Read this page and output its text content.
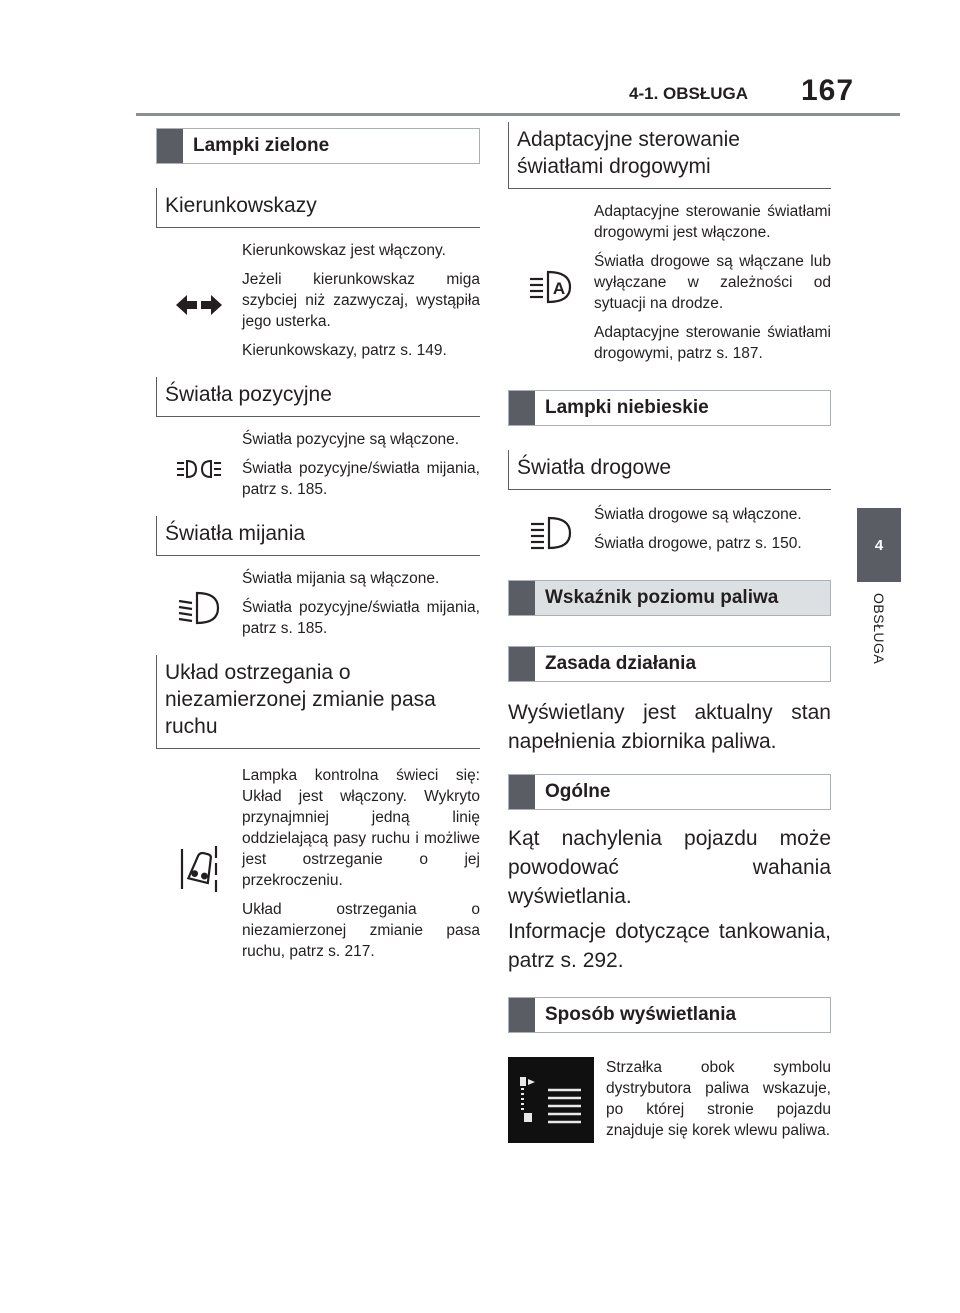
4-1. OBSŁUGA 167
4
OBSŁUGA
Lampki zielone
Kierunkowskazy

Kierunkowskaz jest włączony.

Jeżeli kierunkowskaz miga szybciej niż zazwyczaj, wystąpiła jego usterka.

Kierunkowskazy, patrz s. 149.

Światła pozycyjne

Światła pozycyjne są włączone.

Światła pozycyjne/światła mijania, patrz s. 185.

Światła mijania

Światła mijania są włączone.

Światła pozycyjne/światła mijania, patrz s. 185.

Układ ostrzegania o niezamierzonej zmianie pasa ruchu

Lampka kontrolna świeci się: Układ jest włączony. Wykryto przynajmniej jedną linię oddzielającą pasy ruchu i możliwe jest ostrzeganie o jej przekroczeniu.

Układ ostrzegania o niezamierzonej zmianie pasa ruchu, patrz s. 217.

Adaptacyjne sterowanie światłami drogowymi
A

Adaptacyjne sterowanie światłami drogowymi jest włączone.

Światła drogowe są włączane lub wyłączane w zależności od sytuacji na drodze.

Adaptacyjne sterowanie światłami drogowymi, patrz s. 187.

Lampki niebieskie
Światła drogowe

Światła drogowe są włączone.

Światła drogowe, patrz s. 150.

Wskaźnik poziomu paliwa
Zasada działania

Wyświetlany jest aktualny stan napełnienia zbiornika paliwa.

Ogólne

Kąt nachylenia pojazdu może powodować wahania wyświetlania.

Informacje dotyczące tankowania, patrz s. 292.

Sposób wyświetlania

Strzałka obok symbolu dystrybutora paliwa wskazuje, po której stronie pojazdu znajduje się korek wlewu paliwa.
